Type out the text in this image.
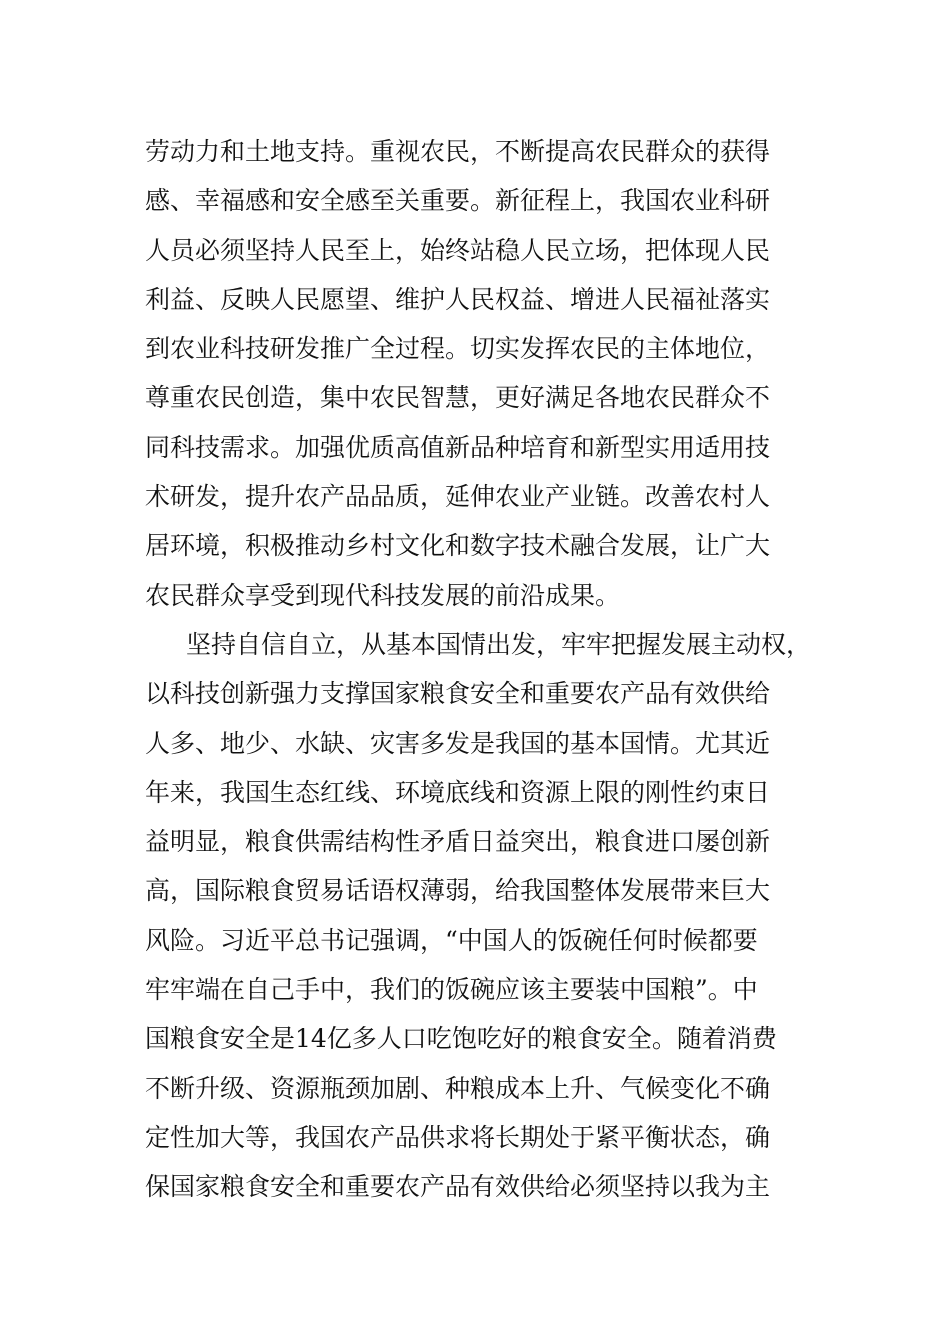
劳动力和土地支持。重视农民，不断提高农民群众的获得
感、幸福感和安全感至关重要。新征程上，我国农业科研
人员必须坚持人民至上，始终站稳人民立场，把体现人民
利益、反映人民愿望、维护人民权益、增进人民福祉落实
到农业科技研发推广全过程。切实发挥农民的主体地位，
尊重农民创造，集中农民智慧，更好满足各地农民群众不
同科技需求。加强优质高值新品种培育和新型实用适用技
术研发，提升农产品品质，延伸农业产业链。改善农村人
居环境，积极推动乡村文化和数字技术融合发展，让广大
农民群众享受到现代科技发展的前沿成果。
坚持自信自立，从基本国情出发，牢牢把握发展主动权，
以科技创新强力支撑国家粮食安全和重要农产品有效供给
人多、地少、水缺、灾害多发是我国的基本国情。尤其近
年来，我国生态红线、环境底线和资源上限的刚性约束日
益明显，粮食供需结构性矛盾日益突出，粮食进口屡创新
高，国际粮食贸易话语权薄弱，给我国整体发展带来巨大
风险。习近平总书记强调，“中国人的饭碗任何时候都要
牢牢端在自己手中，我们的饭碗应该主要装中国粮”。中
国粮食安全是14亿多人口吃饱吃好的粮食安全。随着消费
不断升级、资源瓶颈加剧、种粮成本上升、气候变化不确
定性加大等，我国农产品供求将长期处于紧平衡状态，确
保国家粮食安全和重要农产品有效供给必须坚持以我为主
